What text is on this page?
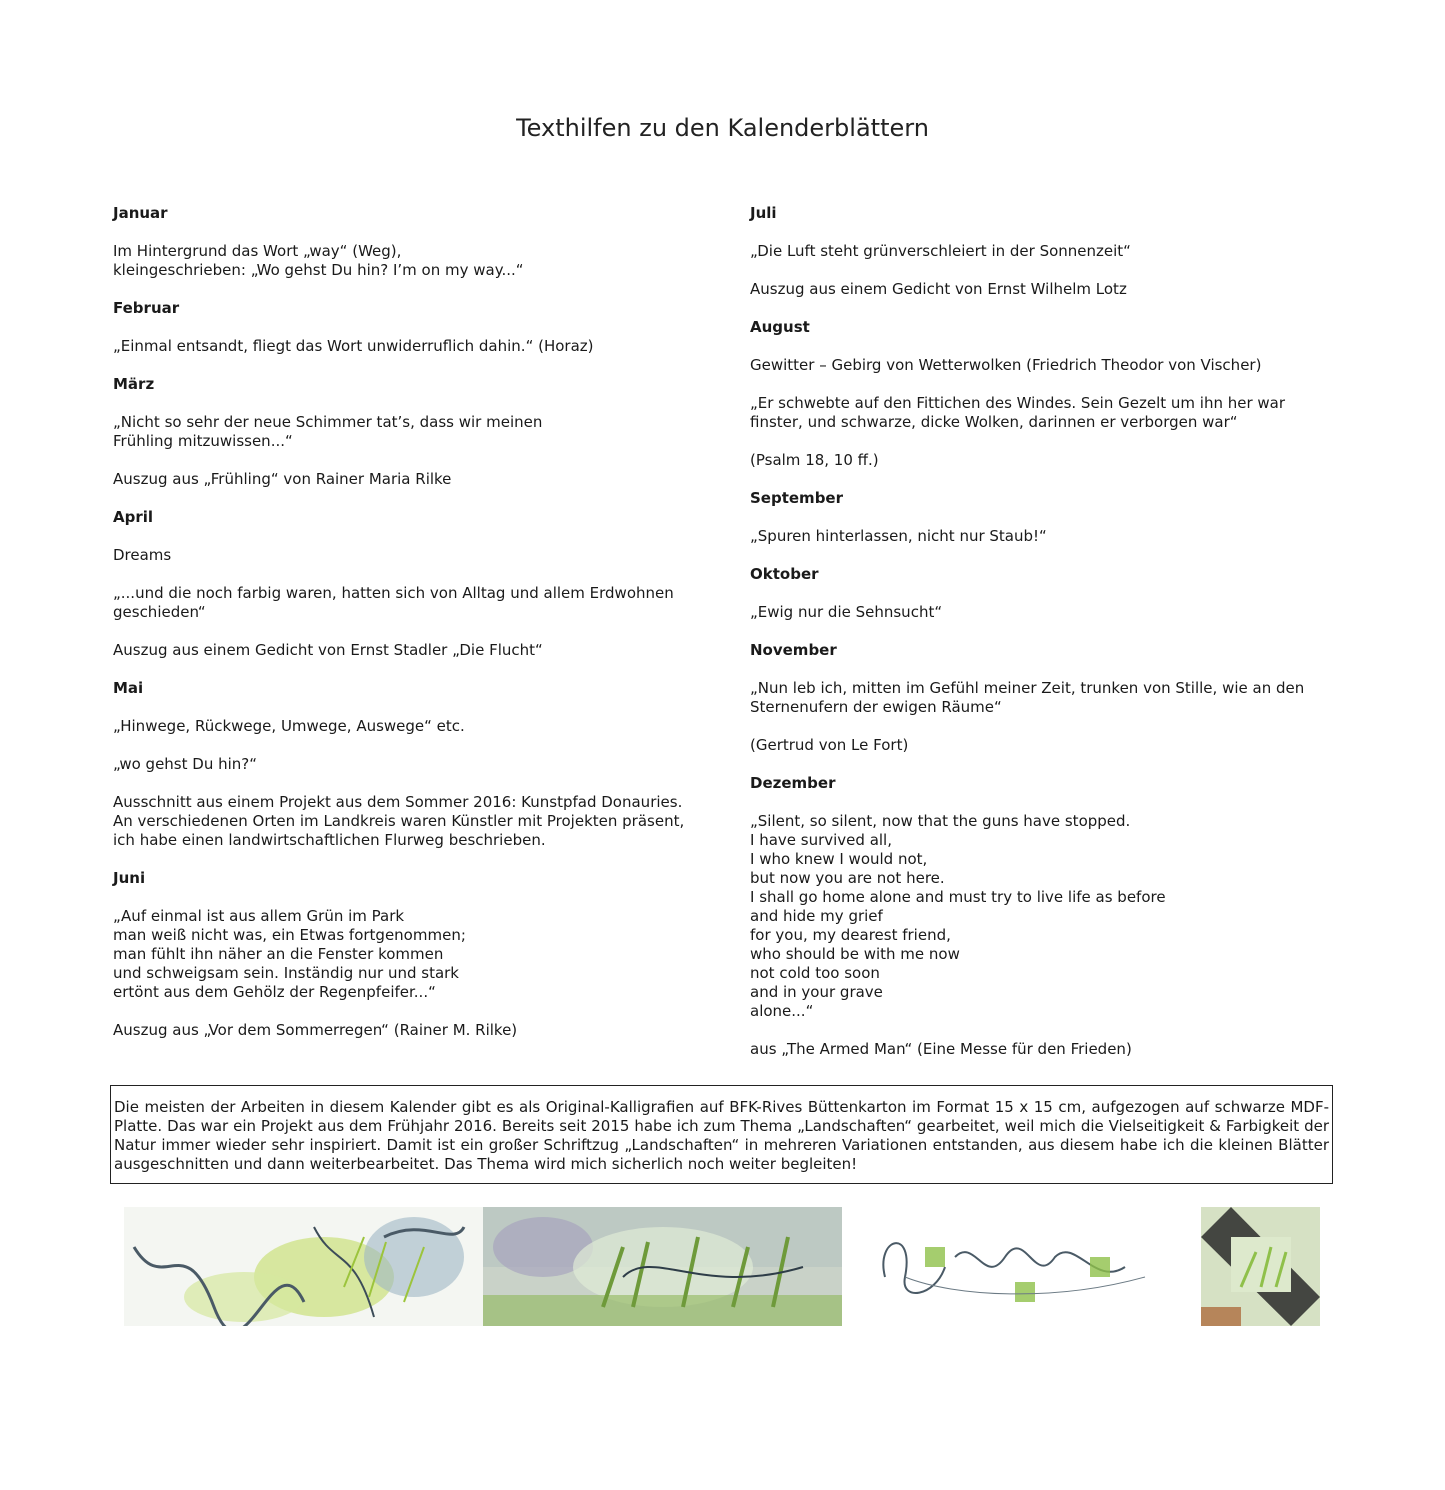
Texthilfen zu den Kalenderblättern
Januar
Im Hintergrund das Wort „way“ (Weg),
kleingeschrieben: „Wo gehst Du hin? I’m on my way...“
Februar
„Einmal entsandt, fliegt das Wort unwiderruflich dahin.“ (Horaz)
März
„Nicht so sehr der neue Schimmer tat’s, dass wir meinen
Frühling mitzuwissen...“
Auszug aus „Frühling“ von Rainer Maria Rilke
April
Dreams
„...und die noch farbig waren, hatten sich von Alltag und allem Erdwohnen geschieden“
Auszug aus einem Gedicht von Ernst Stadler „Die Flucht“
Mai
„Hinwege, Rückwege, Umwege, Auswege“ etc.
„wo gehst Du hin?“
Ausschnitt aus einem Projekt aus dem Sommer 2016: Kunstpfad Donauries.
An verschiedenen Orten im Landkreis waren Künstler mit Projekten präsent,
ich habe einen landwirtschaftlichen Flurweg beschrieben.
Juni
„Auf einmal ist aus allem Grün im Park
man weiß nicht was, ein Etwas fortgenommen;
man fühlt ihn näher an die Fenster kommen
und schweigsam sein. Inständig nur und stark
ertönt aus dem Gehölz der Regenpfeifer...“
Auszug aus „Vor dem Sommerregen“ (Rainer M. Rilke)
Juli
„Die Luft steht grünverschleiert in der Sonnenzeit“
Auszug aus einem Gedicht von Ernst Wilhelm Lotz
August
Gewitter – Gebirg von Wetterwolken (Friedrich Theodor von Vischer)
„Er schwebte auf den Fittichen des Windes. Sein Gezelt um ihn her war
finster, und schwarze, dicke Wolken, darinnen er verborgen war“
(Psalm 18, 10 ff.)
September
„Spuren hinterlassen, nicht nur Staub!“
Oktober
„Ewig nur die Sehnsucht“
November
„Nun leb ich, mitten im Gefühl meiner Zeit, trunken von Stille, wie an den
Sternenufern der ewigen Räume“
(Gertrud von Le Fort)
Dezember
„Silent, so silent, now that the guns have stopped.
I have survived all,
I who knew I would not,
but now you are not here.
I shall go home alone and must try to live life as before
and hide my grief
for you, my dearest friend,
who should be with me now
not cold too soon
and in your grave
alone...“
aus „The Armed Man“ (Eine Messe für den Frieden)
Die meisten der Arbeiten in diesem Kalender gibt es als Original-Kalligrafien auf BFK-Rives Büttenkarton im Format 15 x 15 cm, aufgezogen auf schwarze MDF-Platte. Das war ein Projekt aus dem Frühjahr 2016. Bereits seit 2015 habe ich zum Thema „Landschaften“ gearbeitet, weil mich die Vielseitigkeit & Farbigkeit der Natur immer wieder sehr inspiriert. Damit ist ein großer Schriftzug „Landschaften“ in mehreren Variationen entstanden, aus diesem habe ich die kleinen Blätter ausgeschnitten und dann weiterbearbeitet. Das Thema wird mich sicherlich noch weiter begleiten!
